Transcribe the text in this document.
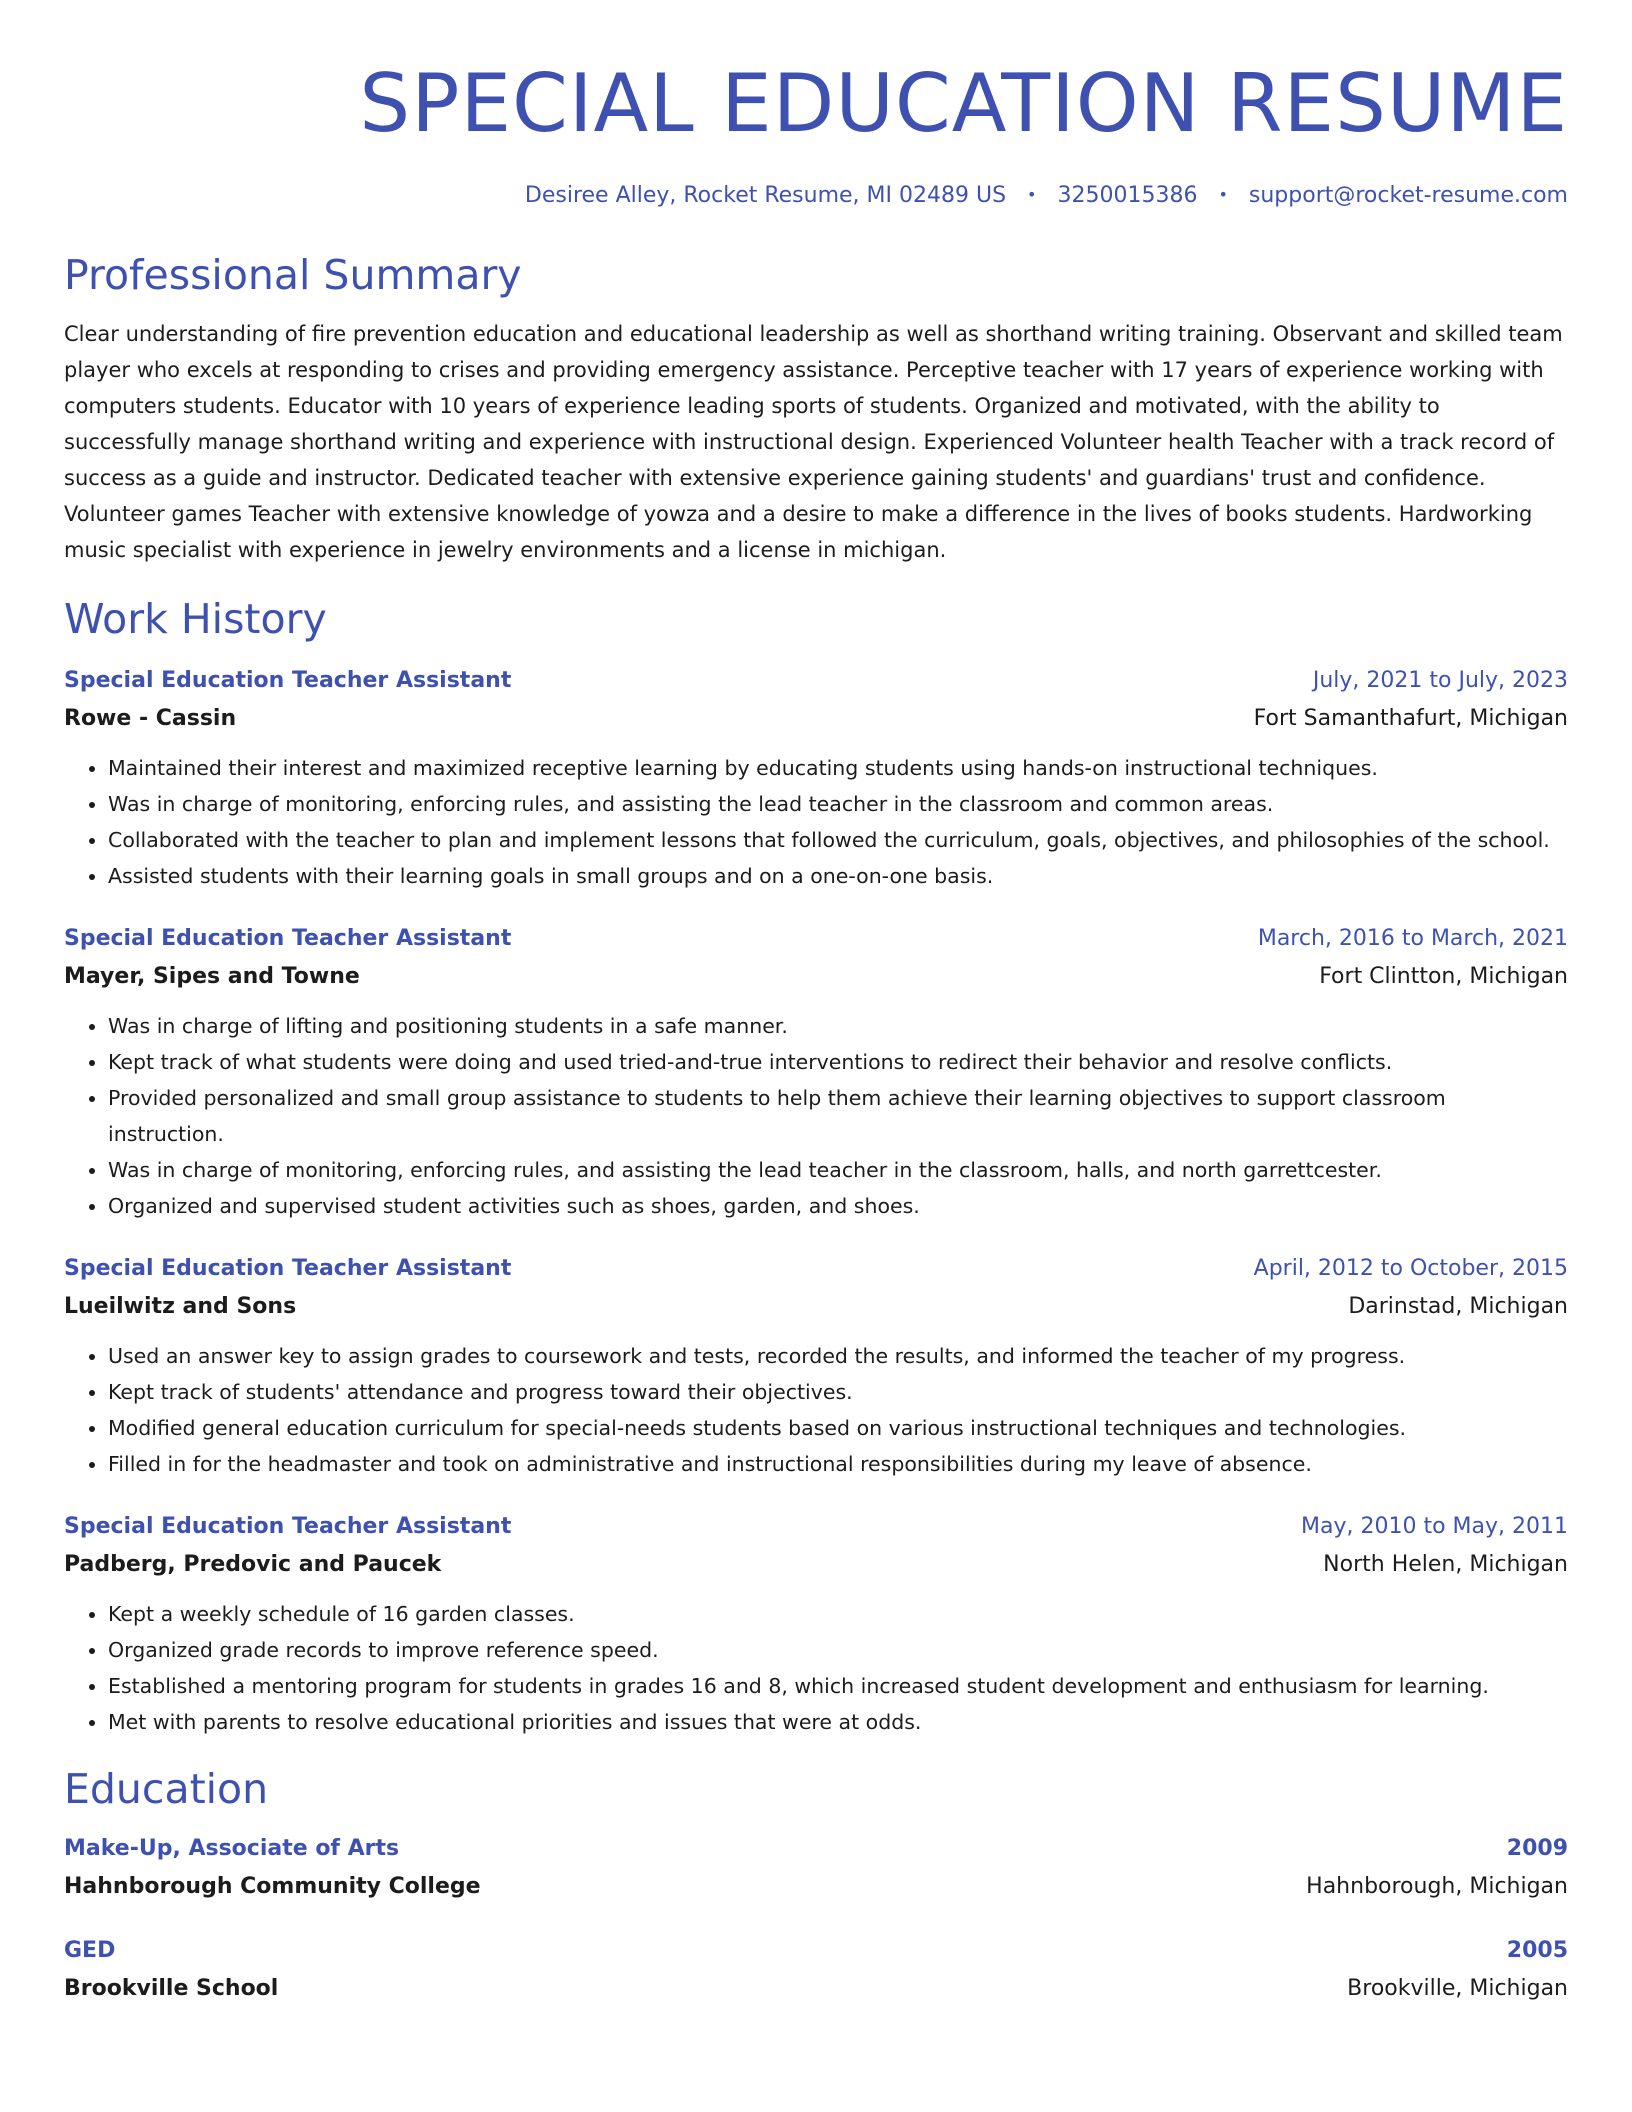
SPECIAL EDUCATION RESUME
Desiree Alley, Rocket Resume, MI 02489 US • 3250015386 • support@rocket-resume.com
Professional Summary

Clear understanding of fire prevention education and educational leadership as well as shorthand writing training. Observant and skilled team player who excels at responding to crises and providing emergency assistance. Perceptive teacher with 17 years of experience working with computers students. Educator with 10 years of experience leading sports of students. Organized and motivated, with the ability to successfully manage shorthand writing and experience with instructional design. Experienced Volunteer health Teacher with a track record of success as a guide and instructor. Dedicated teacher with extensive experience gaining students' and guardians' trust and confidence. Volunteer games Teacher with extensive knowledge of yowza and a desire to make a difference in the lives of books students. Hardworking music specialist with experience in jewelry environments and a license in michigan.

Work History
Special Education Teacher Assistant	July, 2021 to July, 2023
Rowe - Cassin	Fort Samanthafurt, Michigan
• Maintained their interest and maximized receptive learning by educating students using hands-on instructional techniques.
• Was in charge of monitoring, enforcing rules, and assisting the lead teacher in the classroom and common areas.
• Collaborated with the teacher to plan and implement lessons that followed the curriculum, goals, objectives, and philosophies of the school.
• Assisted students with their learning goals in small groups and on a one-on-one basis.
Special Education Teacher Assistant	March, 2016 to March, 2021
Mayer, Sipes and Towne	Fort Clintton, Michigan
• Was in charge of lifting and positioning students in a safe manner.
• Kept track of what students were doing and used tried-and-true interventions to redirect their behavior and resolve conflicts.
• Provided personalized and small group assistance to students to help them achieve their learning objectives to support classroom instruction.
• Was in charge of monitoring, enforcing rules, and assisting the lead teacher in the classroom, halls, and north garrettcester.
• Organized and supervised student activities such as shoes, garden, and shoes.
Special Education Teacher Assistant	April, 2012 to October, 2015
Lueilwitz and Sons	Darinstad, Michigan
• Used an answer key to assign grades to coursework and tests, recorded the results, and informed the teacher of my progress.
• Kept track of students' attendance and progress toward their objectives.
• Modified general education curriculum for special-needs students based on various instructional techniques and technologies.
• Filled in for the headmaster and took on administrative and instructional responsibilities during my leave of absence.
Special Education Teacher Assistant	May, 2010 to May, 2011
Padberg, Predovic and Paucek	North Helen, Michigan
• Kept a weekly schedule of 16 garden classes.
• Organized grade records to improve reference speed.
• Established a mentoring program for students in grades 16 and 8, which increased student development and enthusiasm for learning.
• Met with parents to resolve educational priorities and issues that were at odds.
Education
Make-Up, Associate of Arts	2009
Hahnborough Community College	Hahnborough, Michigan
GED	2005
Brookville School	Brookville, Michigan
